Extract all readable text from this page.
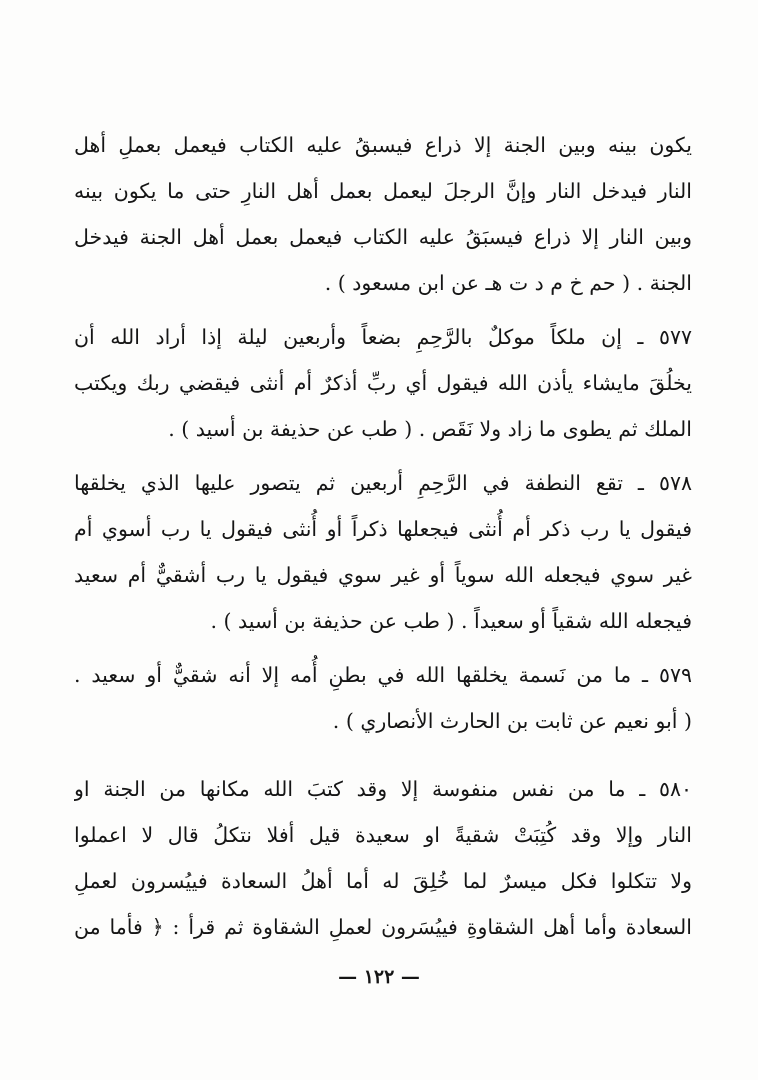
يكون بينه وبين الجنة إلا ذراع فيسبقُ عليه الكتاب فيعمل بعملِ أهل
النار فيدخل النار وإنَّ الرجلَ ليعمل بعمل أهل النارِ حتى ما يكون بينه
وبين النار إلا ذراع فيسبَقُ عليه الكتاب فيعمل بعمل أهل الجنة فيدخل
الجنة . ( حم خ م د ت هـ عن ابن مسعود ) .
٥٧٧ ـ إن ملكاً موكلٌ بالرَّحِمِ بضعاً وأربعين ليلة إذا أراد الله أن
يخلُقَ مايشاء يأذن الله فيقول أي ربِّ أذكرٌ أم أنثى فيقضي ربك ويكتب
الملك ثم يطوى ما زاد ولا نَقَص . ( طب عن حذيفة بن أسيد ) .
٥٧٨ ـ تقع النطفة في الرَّحِمِ أربعين ثم يتصور عليها الذي يخلقها
فيقول يا رب ذكر أم أُنثى فيجعلها ذكراً أو أُنثى فيقول يا رب أسوي أم
غير سوي فيجعله الله سوياً أو غير سوي فيقول يا رب أشقيٌّ أم سعيد
فيجعله الله شقياً أو سعيداً . ( طب عن حذيفة بن أسيد ) .
٥٧٩ ـ ما من نَسمة يخلقها الله في بطنِ أُمه إلا أنه شقيٌّ أو سعيد .
( أبو نعيم عن ثابت بن الحارث الأنصاري ) .
٥٨٠ ـ ما من نفس منفوسة إلا وقد كتبَ الله مكانها من الجنة او
النار وإلا وقد كُتِبَتْ شقيةً او سعيدة قيل أفلا نتكلُ قال لا اعملوا
ولا تتكلوا فكل ميسرٌ لما خُلِقَ له أما أهلُ السعادة فييُسرون لعملِ
السعادة وأما أهل الشقاوةِ فييُسَرون لعملِ الشقاوة ثم قرأ : ﴿ فأما من
— ١٢٢ —
